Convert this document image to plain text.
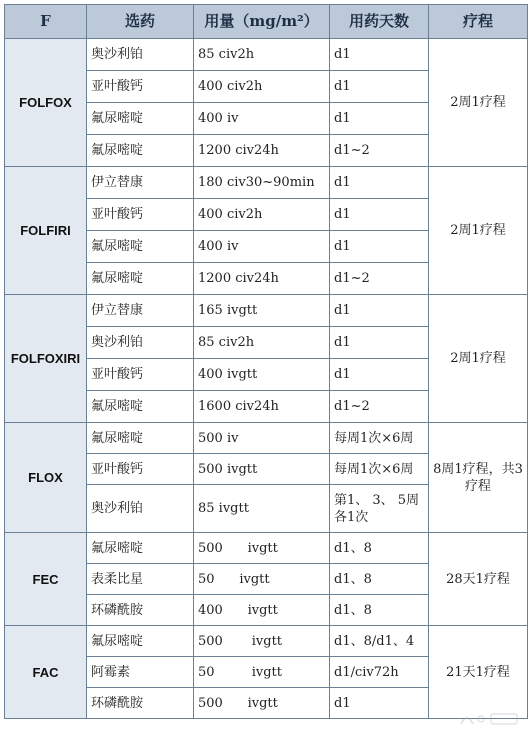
F	选药	用量（mg/m²）	用药天数	疗程
FOLFOX	奥沙利铂	85 civ2h	d1	2周1疗程
	亚叶酸钙	400 civ2h	d1	
	氟尿嘧啶	400 iv	d1	
	氟尿嘧啶	1200 civ24h	d1~2	
FOLFIRI	伊立替康	180 civ30~90min	d1	2周1疗程
	亚叶酸钙	400 civ2h	d1	
	氟尿嘧啶	400 iv	d1	
	氟尿嘧啶	1200 civ24h	d1~2	
FOLFOXIRI	伊立替康	165 ivgtt	d1	2周1疗程
	奥沙利铂	85 civ2h	d1	
	亚叶酸钙	400 ivgtt	d1	
	氟尿嘧啶	1600 civ24h	d1~2	
FLOX	氟尿嘧啶	500 iv	每周1次×6周	8周1疗程，共3疗程
	亚叶酸钙	500 ivgtt	每周1次×6周	
	奥沙利铂	85 ivgtt	第1、 3、 5周各1次	
FEC	氟尿嘧啶	500      ivgtt	d1、8	28天1疗程
	表柔比星	50      ivgtt	d1、8	
	环磷酰胺	400      ivgtt	d1、8	
FAC	氟尿嘧啶	500       ivgtt	d1、8/d1、4	21天1疗程
	阿霉素	50         ivgtt	d1/civ72h	
	环磷酰胺	500      ivgtt	d1	
